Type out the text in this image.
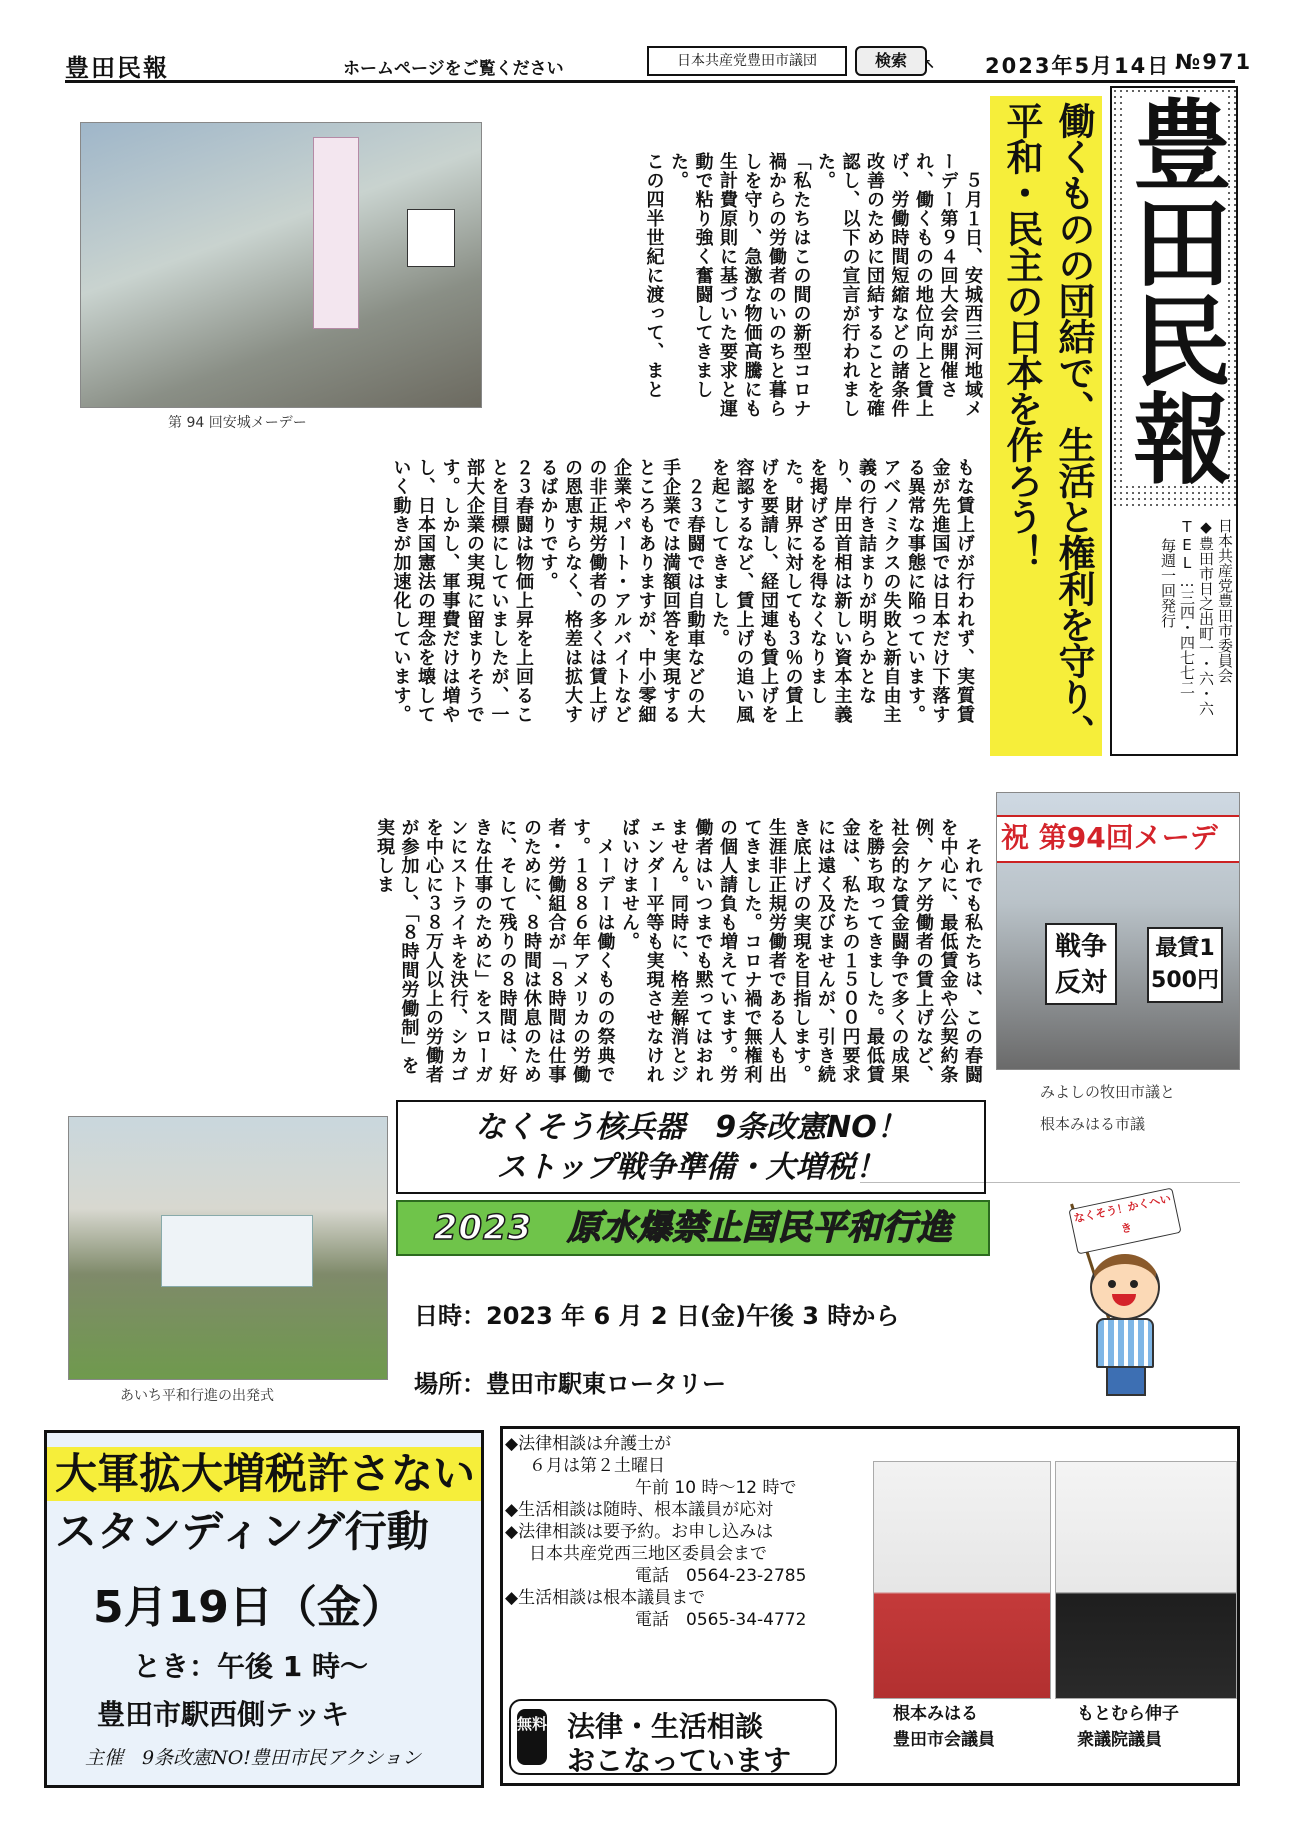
豊田民報	ホームページをご覧ください	日本共産党豊田市議団	検索 ↖ 2023年5月14日 №971
豊田民報
日本共産党豊田市委員会
◆豊田市日之出町一・六・六
TEL…三四・四七七二
毎週一回発行
働くものの団結で、生活と権利を守り、
平和・民主の日本を作ろう！
第 94 回安城メーデー

　５月１日、安城西三河地域メーデー第９４回大会が開催され、働くものの地位向上と賃上げ、労働時間短縮などの諸条件改善のために団結することを確認し、以下の宣言が行われました。

「私たちはこの間の新型コロナ禍からの労働者のいのちと暮らしを守り、急激な物価高騰にも生計費原則に基づいた要求と運動で粘り強く奮闘してきました。

この四半世紀に渡って、まと

もな賃上げが行われず、実質賃金が先進国では日本だけ下落する異常な事態に陥っています。アベノミクスの失敗と新自由主義の行き詰まりが明らかとなり、岸田首相は新しい資本主義を掲げざるを得なくなりました。財界に対しても３％の賃上げを要請し、経団連も賃上げを容認するなど、賃上げの追い風を起こしてきました。

　２３春闘では自動車などの大手企業では満額回答を実現するところもありますが、中小零細企業やパート・アルバイトなどの非正規労働者の多くは賃上げの恩恵すらなく、格差は拡大するばかりです。

２３春闘は物価上昇を上回ることを目標にしていましたが、一部大企業の実現に留まりそうです。しかし、軍事費だけは増やし、日本国憲法の理念を壊していく動きが加速化しています。

　それでも私たちは、この春闘を中心に、最低賃金や公契約条例、ケア労働者の賃上げなど、社会的な賃金闘争で多くの成果を勝ち取ってきました。最低賃金は、私たちの１５００円要求には遠く及びませんが、引き続き底上げの実現を目指します。生涯非正規労働者である人も出てきました。コロナ禍で無権利の個人請負も増えています。労働者はいつまでも黙ってはおれません。同時に、格差解消とジェンダー平等も実現させなければいけません。

　メーデーは働くものの祭典です。１８８６年アメリカの労働者・労働組合が「８時間は仕事のために、８時間は休息のために、そして残りの８時間は、好きな仕事のために」をスローガンにストライキを決行、シカゴを中心に３８万人以上の労働者が参加し、「８時間労働制」を実現しま	祝 第94回メーデ
戦争反対
最賃1500円
みよしの牧田市議と
根本みはる市議
あいち平和行進の出発式
なくそう核兵器　9条改憲NO！
ストップ戦争準備・大増税！
2023　原水爆禁止国民平和行進
日時：2023 年 6 月 2 日(金)午後 3 時から
場所：豊田市駅東ロータリー
なくそう！かくへいき
大軍拡大増税許さない
スタンディング行動
5月19日（金）
とき：午後 1 時～
豊田市駅西側テッキ
主催　9条改憲NO!豊田市民アクション
◆法律相談は弁護士が
６月は第２土曜日
午前 10 時～12 時で
◆生活相談は随時、根本議員が応対
◆法律相談は要予約。お申し込みは
日本共産党西三地区委員会まで
電話　0564-23-2785
◆生活相談は根本議員まで
電話　0565-34-4772
無料 法律・生活相談
おこなっています
根本みはる
豊田市会議員
もとむら伸子
衆議院議員
